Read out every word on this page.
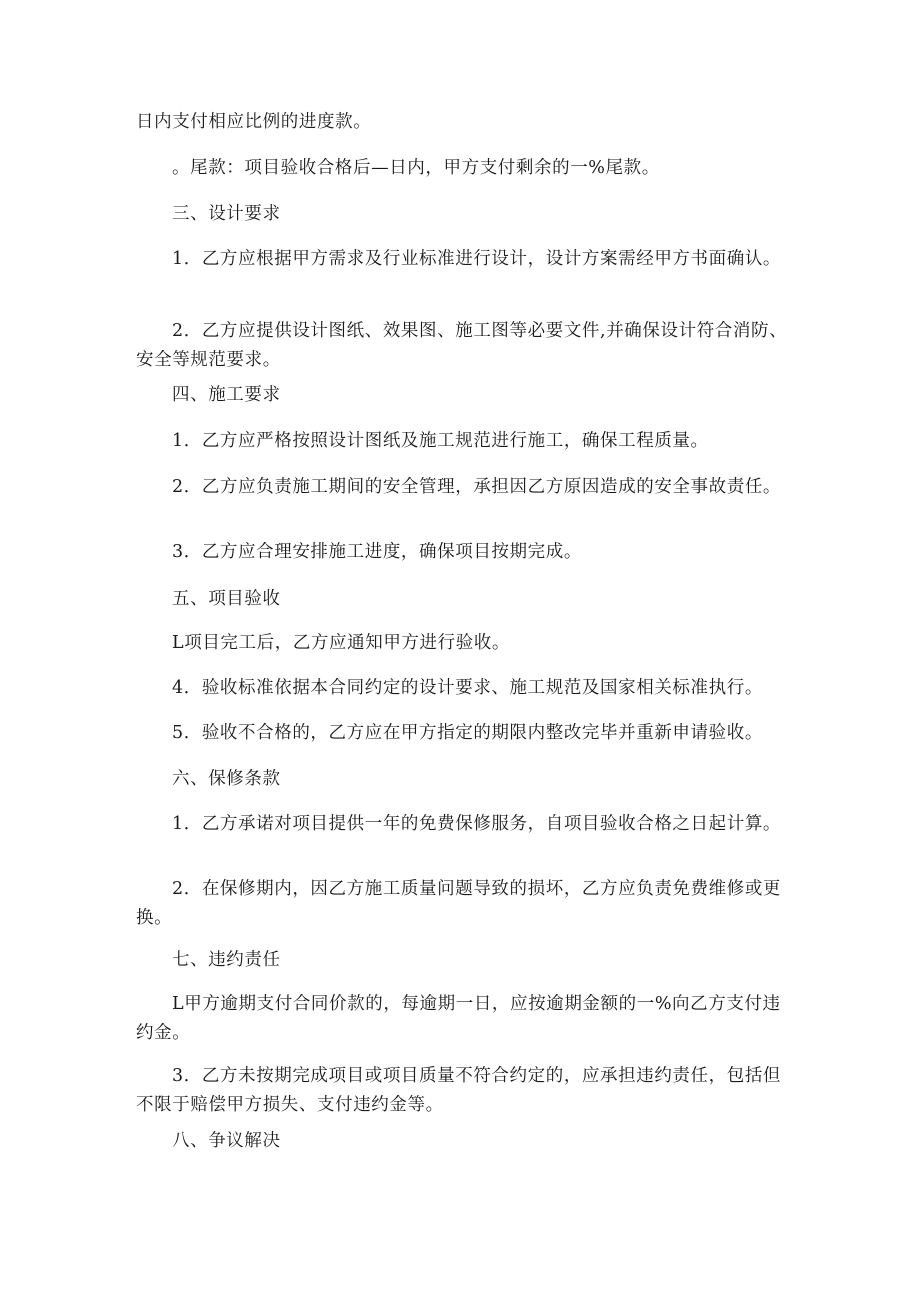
日内支付相应比例的进度款。

。尾款：项目验收合格后—日内，甲方支付剩余的一%尾款。

三、设计要求

1．乙方应根据甲方需求及行业标准进行设计，设计方案需经甲方书面确认。

2．乙方应提供设计图纸、效果图、施工图等必要文件,并确保设计符合消防、安全等规范要求。

四、施工要求

1．乙方应严格按照设计图纸及施工规范进行施工，确保工程质量。

2．乙方应负责施工期间的安全管理，承担因乙方原因造成的安全事故责任。

3．乙方应合理安排施工进度，确保项目按期完成。

五、项目验收

L项目完工后，乙方应通知甲方进行验收。

4．验收标准依据本合同约定的设计要求、施工规范及国家相关标准执行。

5．验收不合格的，乙方应在甲方指定的期限内整改完毕并重新申请验收。

六、保修条款

1．乙方承诺对项目提供一年的免费保修服务，自项目验收合格之日起计算。

2．在保修期内，因乙方施工质量问题导致的损坏，乙方应负责免费维修或更换。

七、违约责任

L甲方逾期支付合同价款的，每逾期一日，应按逾期金额的一%向乙方支付违约金。

3．乙方未按期完成项目或项目质量不符合约定的，应承担违约责任，包括但不限于赔偿甲方损失、支付违约金等。

八、争议解决
